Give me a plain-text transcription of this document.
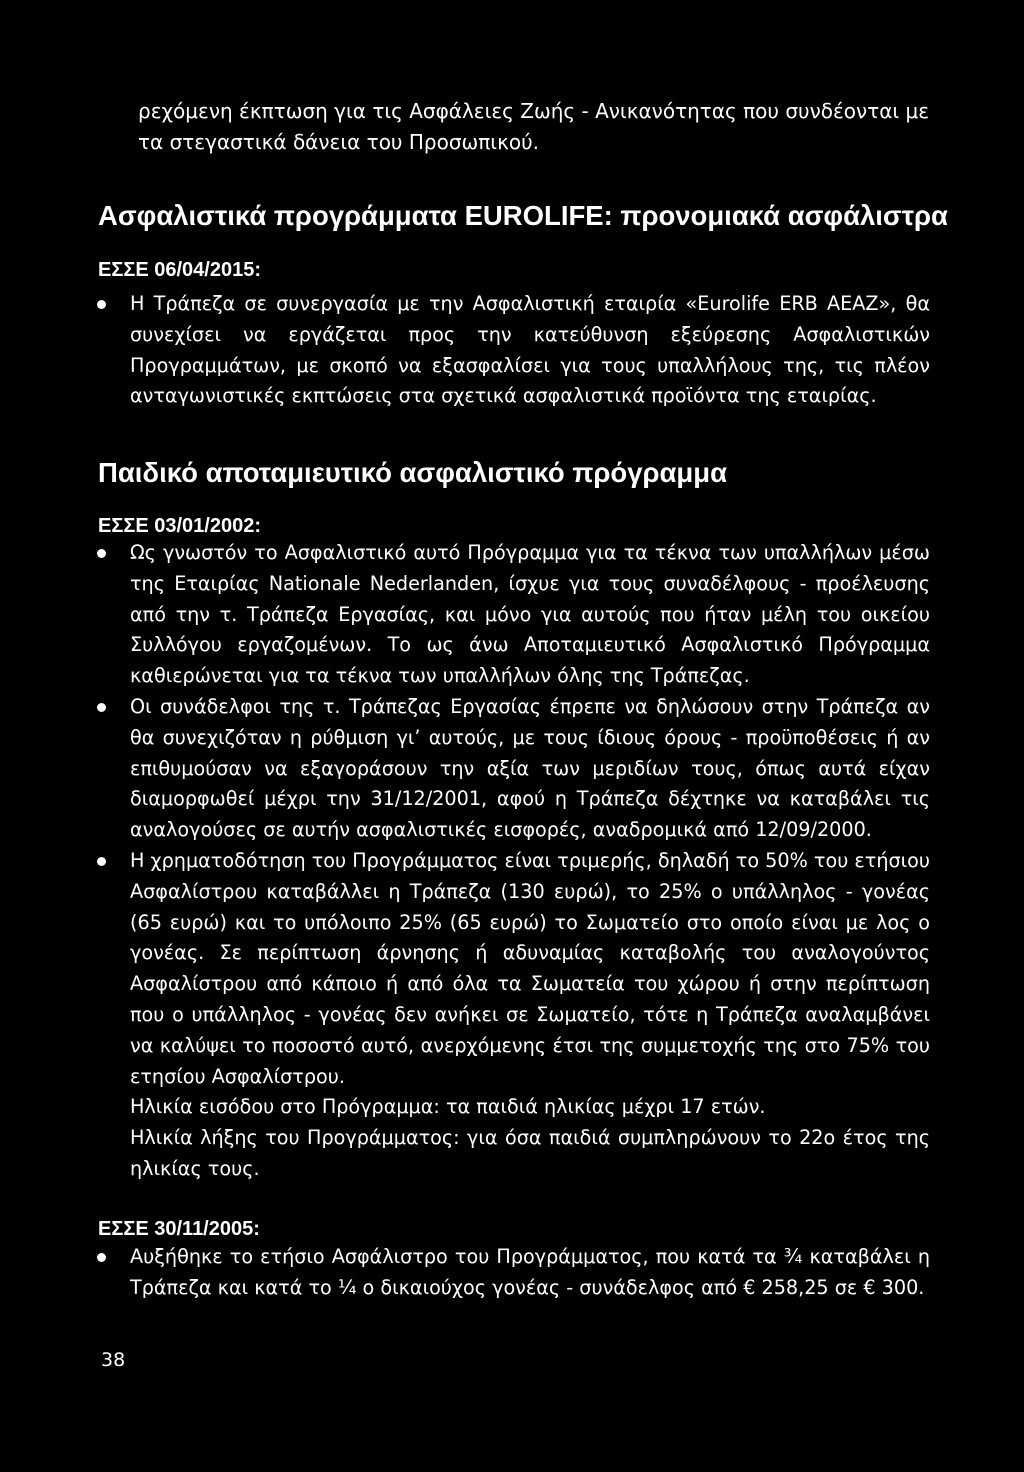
ρεχόμενη έκπτωση για τις Ασφάλειες Ζωής - Ανικανότητας που συνδέονται με τα στεγαστικά δάνεια του Προσωπικού.

Ασφαλιστικά προγράμματα EUROLIFE: προνομιακά ασφάλιστρα
ΕΣΣΕ 06/04/2015:

Η Τράπεζα σε συνεργασία με την Ασφαλιστική εταιρία «Eurolife ERB ΑΕΑΖ», θα συνεχίσει να εργάζεται προς την κατεύθυνση εξεύρεσης Ασφαλιστικών Προγραμμάτων, με σκοπό να εξασφαλίσει για τους υπαλλήλους της, τις πλέον ανταγωνιστικές εκπτώσεις στα σχετικά ασφαλιστικά προϊόντα της εταιρίας.

Παιδικό αποταμιευτικό ασφαλιστικό πρόγραμμα
ΕΣΣΕ 03/01/2002:

Ως γνωστόν το Ασφαλιστικό αυτό Πρόγραμμα για τα τέκνα των υπαλλήλων μέσω της Εταιρίας Nationale Nederlanden, ίσχυε για τους συναδέλφους - προέλευσης από την τ. Τράπεζα Εργασίας, και μόνο για αυτούς που ήταν μέλη του οικείου Συλλόγου εργαζομένων. Το ως άνω Αποταμιευτικό Ασφαλιστικό Πρόγραμμα καθιερώνεται για τα τέκνα των υπαλλήλων όλης της Τράπεζας.

Οι συνάδελφοι της τ. Τράπεζας Εργασίας έπρεπε να δηλώσουν στην Τράπεζα αν θα συνεχιζόταν η ρύθμιση γι’ αυτούς, με τους ίδιους όρους - προϋποθέσεις ή αν επιθυμούσαν να εξαγοράσουν την αξία των μεριδίων τους, όπως αυτά είχαν διαμορφωθεί μέχρι την 31/12/2001, αφού η Τράπεζα δέχτηκε να καταβάλει τις αναλογούσες σε αυτήν ασφαλιστικές εισφορές, αναδρομικά από 12/09/2000.

Η χρηματοδότηση του Προγράμματος είναι τριμερής, δηλαδή το 50% του ετήσιου Ασφαλίστρου καταβάλλει η Τράπεζα (130 ευρώ), το 25% ο υπάλληλος - γονέας (65 ευρώ) και το υπόλοιπο 25% (65 ευρώ) το Σωματείο στο οποίο είναι με λος ο γονέας. Σε περίπτωση άρνησης ή αδυναμίας καταβολής του αναλογούντος Ασφαλίστρου από κάποιο ή από όλα τα Σωματεία του χώρου ή στην περίπτωση που ο υπάλληλος - γονέας δεν ανήκει σε Σωματείο, τότε η Τράπεζα αναλαμβάνει να καλύψει το ποσοστό αυτό, ανερχόμενης έτσι της συμμετοχής της στο 75% του ετησίου Ασφαλίστρου.

Ηλικία εισόδου στο Πρόγραμμα: τα παιδιά ηλικίας μέχρι 17 ετών.

Ηλικία λήξης του Προγράμματος: για όσα παιδιά συμπληρώνουν το 22ο έτος της ηλικίας τους.

ΕΣΣΕ 30/11/2005:

Αυξήθηκε το ετήσιο Ασφάλιστρο του Προγράμματος, που κατά τα ¾ καταβάλει η Τράπεζα και κατά το ¼ ο δικαιούχος γονέας - συνάδελφος από € 258,25 σε € 300.

38
